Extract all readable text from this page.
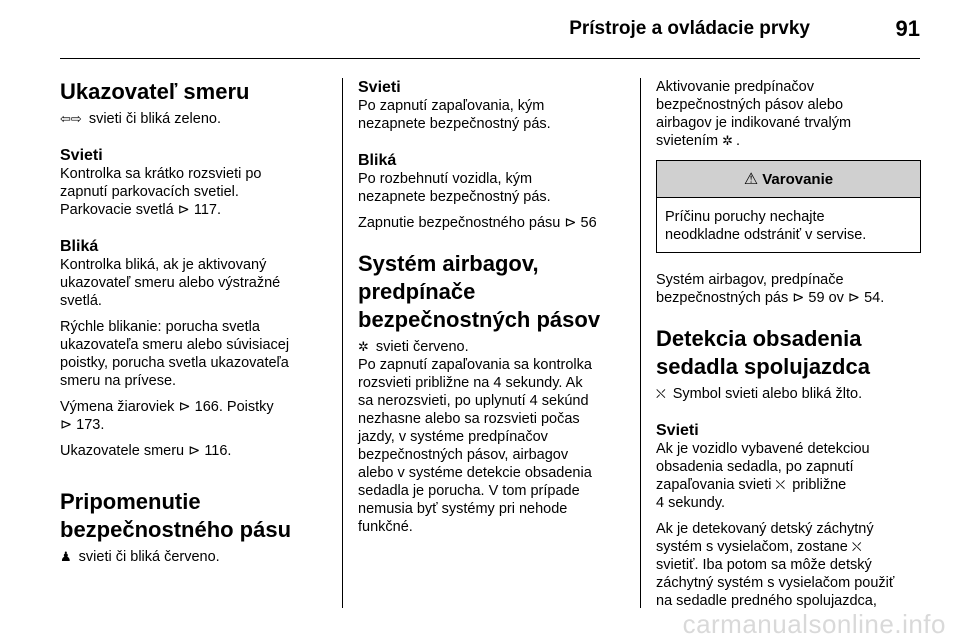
Prístroje a ovládacie prvky	91
Ukazovateľ smeru

⇦⇨ svieti či bliká zeleno.

Svieti

Kontrolka sa krátko rozsvieti po
zapnutí parkovacích svetiel.
Parkovacie svetlá ⊳ 117.

Bliká

Kontrolka bliká, ak je aktivovaný
ukazovateľ smeru alebo výstražné
svetlá.

Rýchle blikanie: porucha svetla
ukazovateľa smeru alebo súvisiacej
poistky, porucha svetla ukazovateľa
smeru na prívese.

Výmena žiaroviek ⊳ 166. Poistky
⊳ 173.

Ukazovatele smeru ⊳ 116.

Pripomenutie
bezpečnostného pásu

♟ svieti či bliká červeno.

Svieti

Po zapnutí zapaľovania, kým
nezapnete bezpečnostný pás.

Bliká

Po rozbehnutí vozidla, kým
nezapnete bezpečnostný pás.

Zapnutie bezpečnostného pásu ⊳ 56

Systém airbagov,
predpínače
bezpečnostných pásov

✲ svieti červeno.

Po zapnutí zapaľovania sa kontrolka
rozsvieti približne na 4 sekundy. Ak
sa nerozsvieti, po uplynutí 4 sekúnd
nezhasne alebo sa rozsvieti počas
jazdy, v systéme predpínačov
bezpečnostných pásov, airbagov
alebo v systéme detekcie obsadenia
sedadla je porucha. V tom prípade
nemusia byť systémy pri nehode
funkčné.

Aktivovanie predpínačov
bezpečnostných pásov alebo
airbagov je indikované trvalým
svietením ✲ .

⚠ Varovanie
Príčinu poruchy nechajte
neodkladne odstrániť v servise.

Systém airbagov, predpínače
bezpečnostných pás ⊳ 59 ov ⊳ 54.

Detekcia obsadenia
sedadla spolujazdca

⛌ Symbol svieti alebo bliká žlto.

Svieti

Ak je vozidlo vybavené detekciou
obsadenia sedadla, po zapnutí
zapaľovania svieti ⛌ približne
4 sekundy.

Ak je detekovaný detský záchytný
systém s vysielačom, zostane ⛌
svietiť. Iba potom sa môže detský
záchytný systém s vysielačom použiť
na sedadle predného spolujazdca,

carmanualsonline.info
